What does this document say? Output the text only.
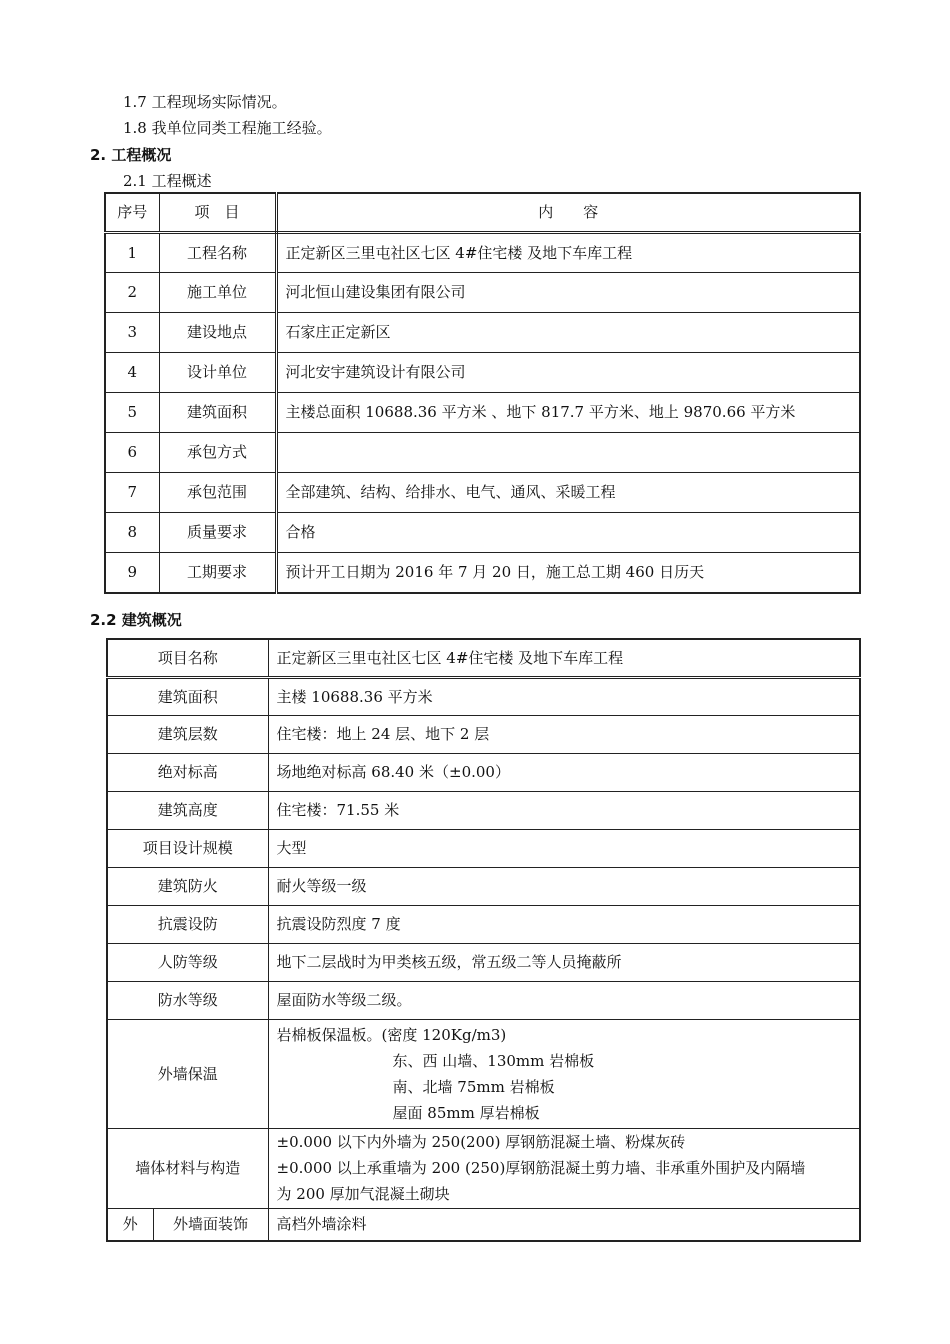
1.7 工程现场实际情况。
1.8 我单位同类工程施工经验。
2. 工程概况
2.1 工程概述
序号	项　目	内　　容
1	工程名称	正定新区三里屯社区七区 4#住宅楼 及地下车库工程
2	施工单位	河北恒山建设集团有限公司
3	建设地点	石家庄正定新区
4	设计单位	河北安宇建筑设计有限公司
5	建筑面积	主楼总面积 10688.36 平方米 、地下 817.7 平方米、地上 9870.66 平方米
6	承包方式	
7	承包范围	全部建筑、结构、给排水、电气、通风、采暖工程
8	质量要求	合格
9	工期要求	预计开工日期为 2016 年 7 月 20 日，施工总工期 460 日历天
2.2 建筑概况
项目名称		正定新区三里屯社区七区 4#住宅楼 及地下车库工程
建筑面积		主楼 10688.36 平方米
建筑层数		住宅楼：地上 24 层、地下 2 层
绝对标高		场地绝对标高 68.40 米（±0.00）
建筑高度		住宅楼：71.55 米
项目设计规模		大型
建筑防火		耐火等级一级
抗震设防		抗震设防烈度 7 度
人防等级		地下二层战时为甲类核五级，常五级二等人员掩蔽所
防水等级		屋面防水等级二级。
外墙保温		岩棉板保温板。(密度 120Kg/m3)
东、西 山墙、130mm 岩棉板
南、北墙 75mm 岩棉板
屋面 85mm 厚岩棉板

墙体材料与构造		±0.000 以下内外墙为 250(200) 厚钢筋混凝土墙、粉煤灰砖
±0.000 以上承重墙为 200 (250)厚钢筋混凝土剪力墙、非承重外围护及内隔墙
为 200 厚加气混凝土砌块

外	外墙面装饰	高档外墙涂料
